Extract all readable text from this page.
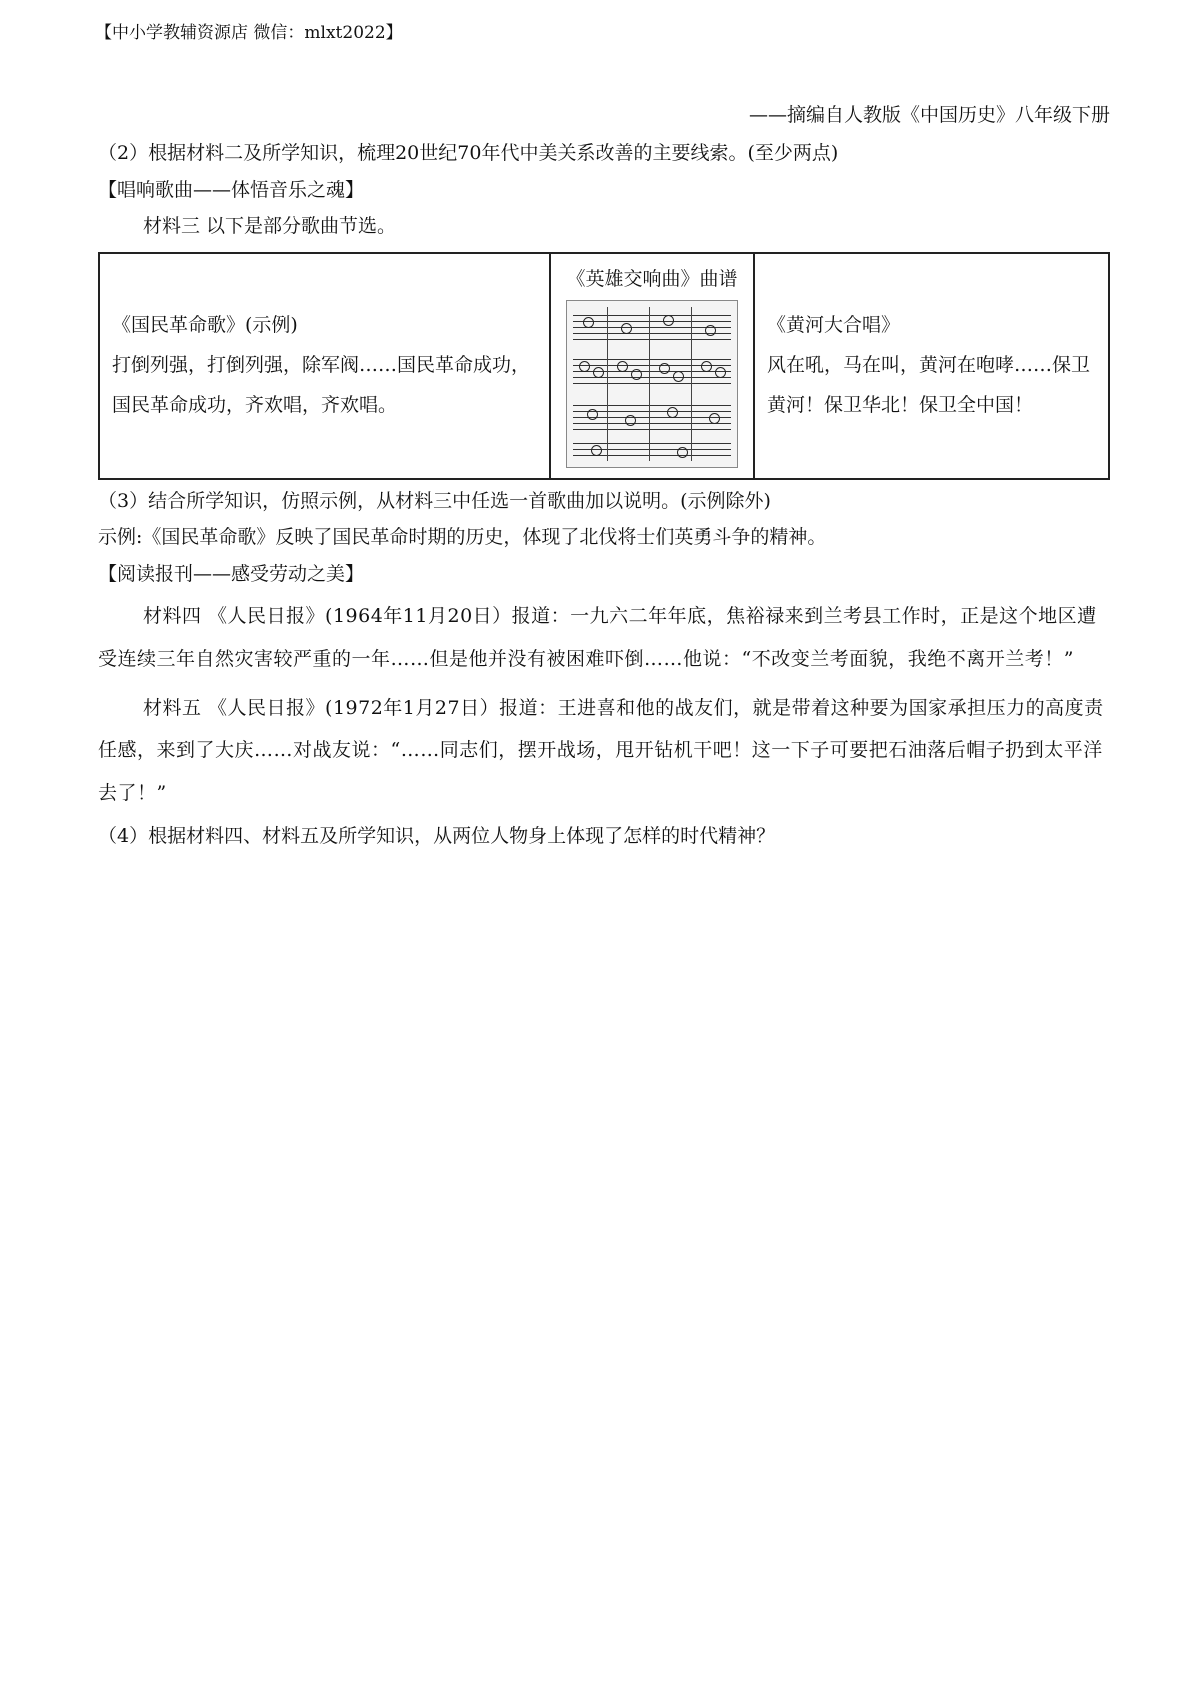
【中小学教辅资源店 微信：mlxt2022】
——摘编自人教版《中国历史》八年级下册
（2）根据材料二及所学知识，梳理20世纪70年代中美关系改善的主要线索。(至少两点)
【唱响歌曲——体悟音乐之魂】
材料三 以下是部分歌曲节选。
《国民革命歌》(示例)
打倒列强，打倒列强，除军阀……国民革命成功，国民革命成功，齐欢唱，齐欢唱。

《英雄交响曲》曲谱

《黄河大合唱》
风在吼，马在叫，黄河在咆哮……保卫黄河！保卫华北！保卫全中国！
（3）结合所学知识，仿照示例，从材料三中任选一首歌曲加以说明。(示例除外)
示例:《国民革命歌》反映了国民革命时期的历史，体现了北伐将士们英勇斗争的精神。
【阅读报刊——感受劳动之美】
材料四 《人民日报》(1964年11月20日）报道：一九六二年年底，焦裕禄来到兰考县工作时，正是这个地区遭受连续三年自然灾害较严重的一年……但是他并没有被困难吓倒……他说：“不改变兰考面貌，我绝不离开兰考！”
材料五 《人民日报》(1972年1月27日）报道：王进喜和他的战友们，就是带着这种要为国家承担压力的高度责任感，来到了大庆……对战友说：“……同志们，摆开战场，甩开钻机干吧！这一下子可要把石油落后帽子扔到太平洋去了！”
（4）根据材料四、材料五及所学知识，从两位人物身上体现了怎样的时代精神？
